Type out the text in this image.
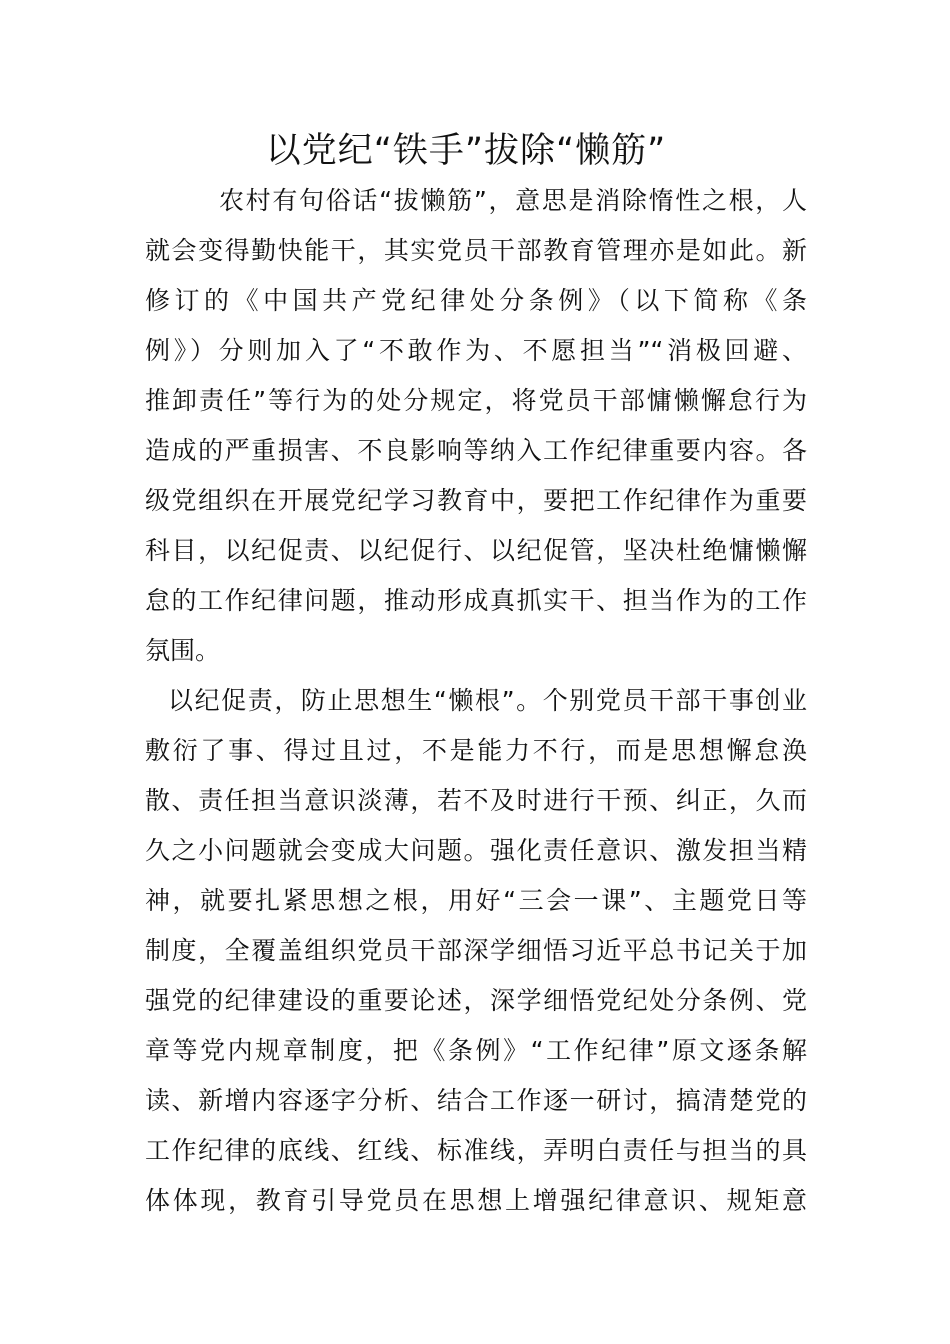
以党纪“铁手”拔除“懒筋”
农村有句俗话“拔懒筋”，意思是消除惰性之根，人
就会变得勤快能干，其实党员干部教育管理亦是如此。新
修订的《中国共产党纪律处分条例》（以下简称《条
例》）分则加入了“不敢作为、不愿担当”“消极回避、
推卸责任”等行为的处分规定，将党员干部慵懒懈怠行为
造成的严重损害、不良影响等纳入工作纪律重要内容。各
级党组织在开展党纪学习教育中，要把工作纪律作为重要
科目，以纪促责、以纪促行、以纪促管，坚决杜绝慵懒懈
怠的工作纪律问题，推动形成真抓实干、担当作为的工作
氛围。
以纪促责，防止思想生“懒根”。个别党员干部干事创业
敷衍了事、得过且过，不是能力不行，而是思想懈怠涣
散、责任担当意识淡薄，若不及时进行干预、纠正，久而
久之小问题就会变成大问题。强化责任意识、激发担当精
神，就要扎紧思想之根，用好“三会一课”、主题党日等
制度，全覆盖组织党员干部深学细悟习近平总书记关于加
强党的纪律建设的重要论述，深学细悟党纪处分条例、党
章等党内规章制度，把《条例》“工作纪律”原文逐条解
读、新增内容逐字分析、结合工作逐一研讨，搞清楚党的
工作纪律的底线、红线、标准线，弄明白责任与担当的具
体体现，教育引导党员在思想上增强纪律意识、规矩意
